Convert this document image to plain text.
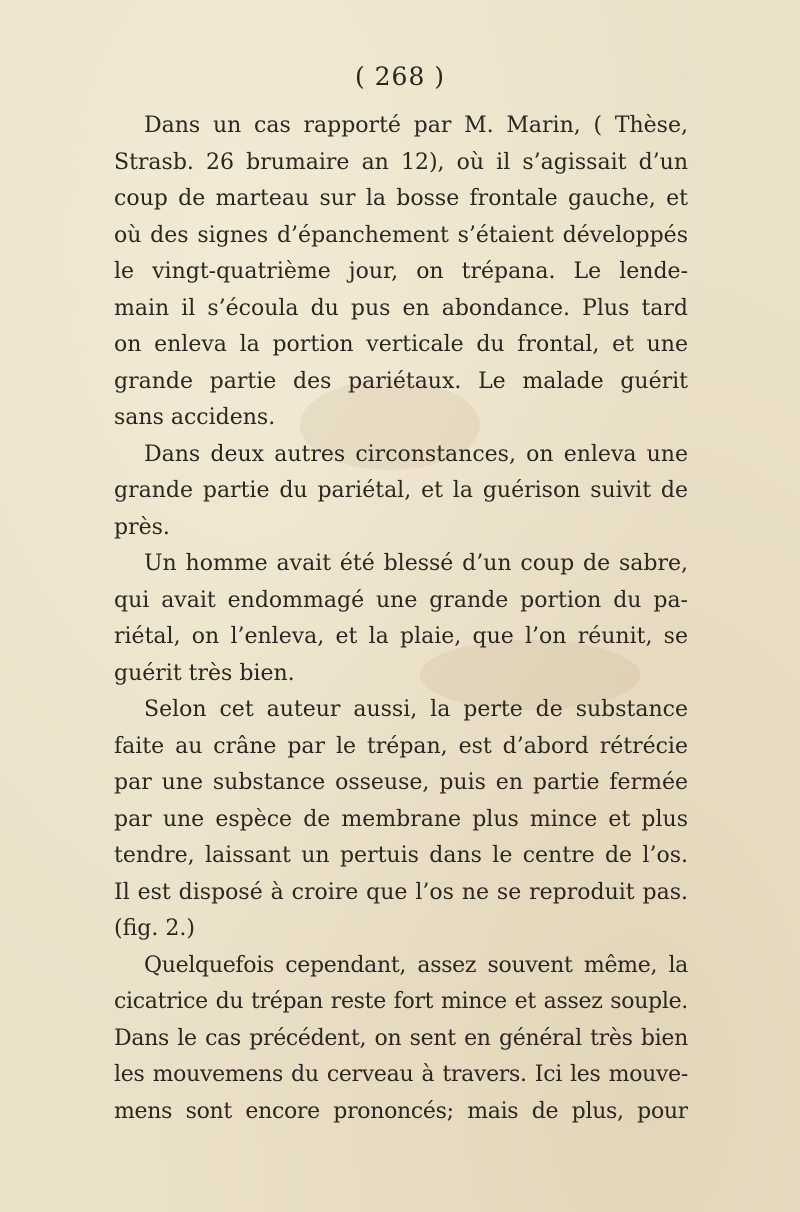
( 268 )
Dans un cas rapporté par M. Marin, ( Thèse,
Strasb. 26 brumaire an 12), où il s’agissait d’un
coup de marteau sur la bosse frontale gauche, et
où des signes d’épanchement s’étaient développés
le vingt-quatrième jour, on trépana. Le lende-
main il s’écoula du pus en abondance. Plus tard
on enleva la portion verticale du frontal, et une
grande partie des pariétaux. Le malade guérit
sans accidens.
Dans deux autres circonstances, on enleva une
grande partie du pariétal, et la guérison suivit de
près.
Un homme avait été blessé d’un coup de sabre,
qui avait endommagé une grande portion du pa-
riétal, on l’enleva, et la plaie, que l’on réunit, se
guérit très bien.
Selon cet auteur aussi, la perte de substance
faite au crâne par le trépan, est d’abord rétrécie
par une substance osseuse, puis en partie fermée
par une espèce de membrane plus mince et plus
tendre, laissant un pertuis dans le centre de l’os.
Il est disposé à croire que l’os ne se reproduit pas.
(fig. 2.)
Quelquefois cependant, assez souvent même, la
cicatrice du trépan reste fort mince et assez souple.
Dans le cas précédent, on sent en général très bien
les mouvemens du cerveau à travers. Ici les mouve-
mens sont encore prononcés; mais de plus, pour
